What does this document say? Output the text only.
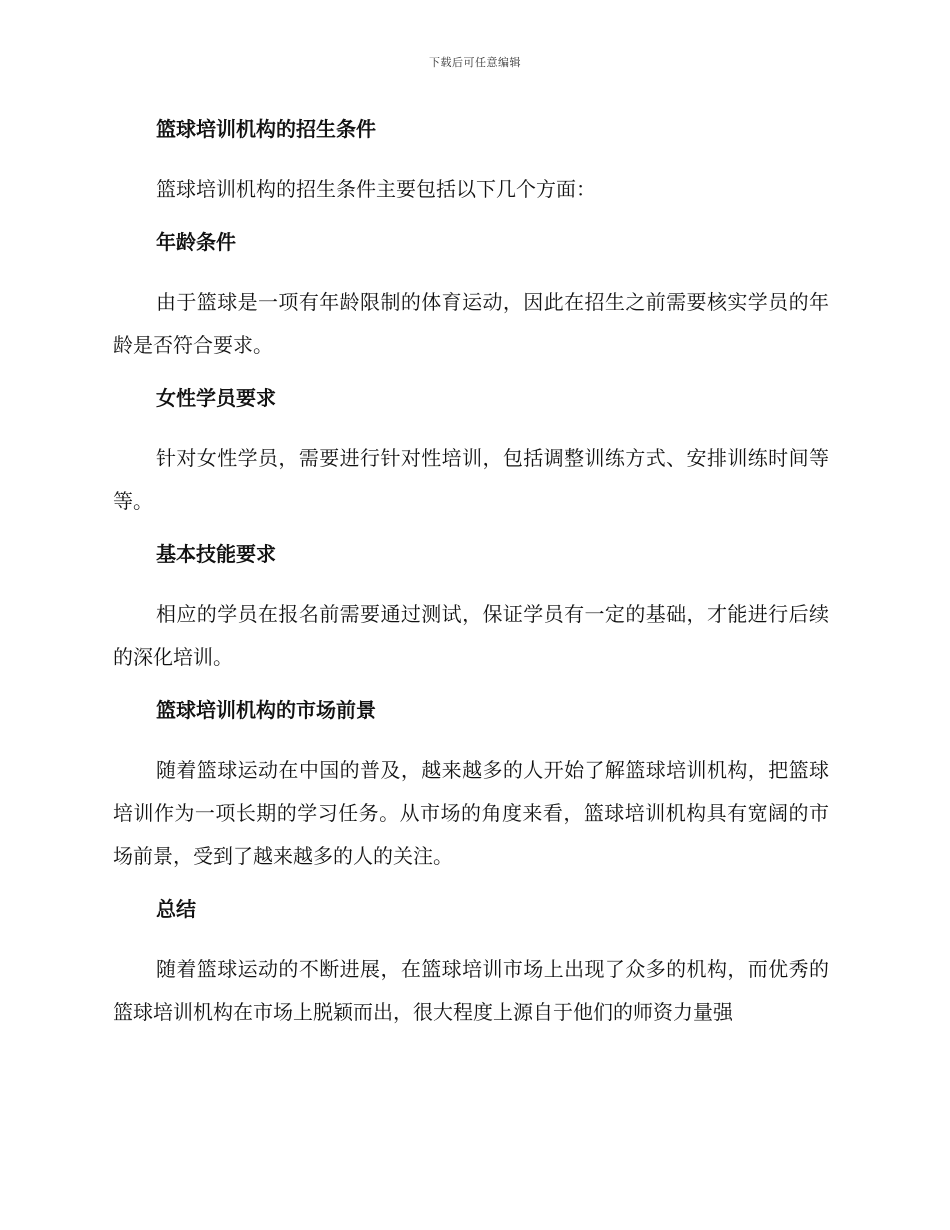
下载后可任意编辑
篮球培训机构的招生条件

篮球培训机构的招生条件主要包括以下几个方面：

年龄条件

由于篮球是一项有年龄限制的体育运动，因此在招生之前需要核实学员的年龄是否符合要求。

女性学员要求

针对女性学员，需要进行针对性培训，包括调整训练方式、安排训练时间等等。

基本技能要求

相应的学员在报名前需要通过测试，保证学员有一定的基础，才能进行后续的深化培训。

篮球培训机构的市场前景

随着篮球运动在中国的普及，越来越多的人开始了解篮球培训机构，把篮球培训作为一项长期的学习任务。从市场的角度来看，篮球培训机构具有宽阔的市场前景，受到了越来越多的人的关注。

总结

随着篮球运动的不断进展，在篮球培训市场上出现了众多的机构，而优秀的篮球培训机构在市场上脱颖而出，很大程度上源自于他们的师资力量强
